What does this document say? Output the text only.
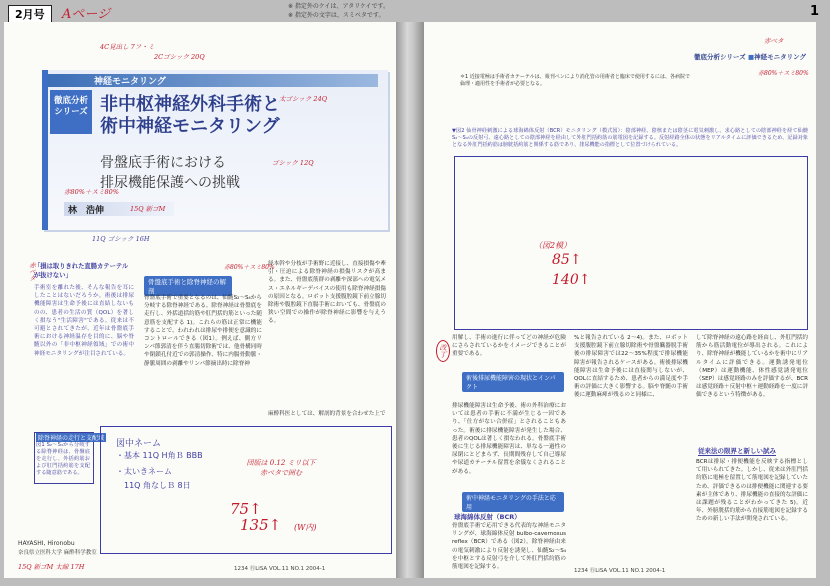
2月号	Aページ
※ 指定外のケイは、アタリケイです。
※ 指定外の文字は、スミベタです。	1
神経モニタリング
徹底分析シリーズ 非中枢神経外科手術と
術中神経モニタリング
骨盤底手術における
排尿機能保護への挑戦
林　浩伸
4C見出し 7フ・ミ
2Cゴシック 20Q
太ゴシック 24Q
ゴシック 12Q
15Q 新ゴM
赤80%＋スミ80%
赤ベタ
11Q ゴシック 16H
「損は取りきれた直腸カテーテルが抜けない」
手術室を離れた後、そんな報告を耳にしたことはないだろうか。術後は排尿機能障害は生命予後には直結しないものの、患者の生活の質（QOL）を著しく損なう"生活障害"である。従来は不可避とされてきたが、近年は骨盤底手術における神経温存を目的に、脳や脊髄以外の「非中枢神経領域」での術中神経モニタリングが注目されている。
骨盤底手術と除脊神経の解剖
赤80%＋スミ80%
骨盤底手術で重要となるのは、仙髄S₂〜S₄から分岐する除脊神経である。除脊神経は骨盤底を走行し、外括道括約筋や肛門括約筋といった随意筋を支配する 1)。これらの筋は正常に機能することで、われわれは排尿や排便を意識的にコントロールできる（図1）。例えば、側方リンパ節郭清を伴う直腸切除術では、他骨構同時や閉鎖孔付近での郭清操作、特に内腸骨動脈・静脈周囲の剥離やリンパ節摘出時に除脊神
経本幹や分枝が手術野に近接し、直接損傷や牽引・圧迫による除脊神経の損傷リスクが高まる。また、骨盤底筋群の剥離や深部への電気メス・エネルギーデバイスの使用も除脊神経損傷の原因となる。ロボット支援腹腔鏡下前立腺切除術や腹腔鏡下直腸手術においても、骨盤底の狭い空間での操作が除脊神経に影響を与えうる。
麻酔科医としては、解剖的背景を合わせた上で
団版は 0.12 ミリ以下
赤ベタで囲む
除脊神経の走行と支配域
図1 S₂〜S₄から分岐する除脊神経は、骨盤底を走行し、外括約筋および肛門括約筋を支配する随意筋である。
図中ネーム
・基本 11Q H角Ｂ BBB
・太いきネーム
11Q 角なしＢ 8日
75↑
135↑ (W内)
HAYASHI, Hironobu
奈良県立医科大学 麻酔科学教室
15Q 新ゴM 太線 17H	1234 ⓇLiSA VOL.11 NO.1 2004-1
徹底分析シリーズ ■神経モニタリング
赤ベタ
赤80%＋スミ80%
＊1 近接電極は手術者カテーテルは、報刊ペンにより消化管の用術者と臨床で使用するには、各病院で倫理・適用性を手術者が必要となる。
▼図2 仙骨神経刺激による球海綿体反射（BCR）モニタリング（模式図）：陰部神経、陰核または陰茎に電気刺激し、求心路としての陰部神経を経て仙髄S₂〜S₄の反射弓、遠心路としての陰部神経を経由して外肛門括約筋の筋電図を記録する。反射経路全体の状態をリアルタイムに評価できるため、記録対象となる外肛門括約筋は膀胱括約筋と関係する筋であり、排尿機能の指標として位置づけられている。
（図2模）
85↑
140↑
改丁
用解し、手術の進行に伴ってどの神経が危険にさらされているかをイメージできることが重要である。
術後排尿機能障害の現状とインパクト
排尿機能障害は生命予後、術の外科治療においては患者の手術に不満が生じる一因であり、「仕方がない合併症」とされることもあった。術後に排尿機能障害が発生した場合、患者のQOLは著しく損なわれる。骨盤底手術後に生じる排尿機能障害は、単なる一過性の尿閉にとどまらず、長期間残存して自己導尿や尿道カテーテル留置を余儀なくされることがある。
術中神経モニタリングの手法と応用
球海綿体反射（BCR）
骨盤底手術で応用できる代表的な神経モニタリングが、球海綿体反射 bulbo-cavernosus reflex（BCR）である（図2）。除脊神経由来の電気刺激により反射を誘発し、仙髄S₂〜S₄を中枢とする反射弓を介して外肛門括約筋の筋電図を記録する。
%と報告されている 2〜4)。また、ロボット支援腹腔鏡下前立腺切除術や骨盤臓器脱手術後の排尿障害では22〜35%程度で排尿機能障害が報告されるケースがある。術後排尿機能障害は生命予後には直接関与しないが、QOLに直結するため、患者からの満足度や手術の評価に大きく影響する。脳や脊髄の手術後に運動麻痺が残るのと同様に、
して除脊神経の遠心路を経由し、外肛門括約筋から筋活動電位が導出される。これにより、除脊神経が機能しているかを術中にリアルタイムに評価できる。運動誘発電位（MEP）は運動機能、体性感覚誘発電位（SEP）は感覚経路のみを評価するが、BCRは感覚経路＋反射中枢＋運動経路を一度に評価できるという特徴がある。
従来法の限界と新しい試み
BCRは排尿・排便機能を反映する指標として用いられてきた。しかし、従来は外肛門括約筋に電極を留置して筋電図を記録していたため、評価できるのは排便機能に関連する要素が主体であり、排尿機能の直接的な評価には課題が残ることがわかってきた 5)。近年、外膀胱括約筋から直接筋電図を記録するための新しい手法が開発されている。
1234 ⓇLiSA VOL.11 NO.1 2004-1
